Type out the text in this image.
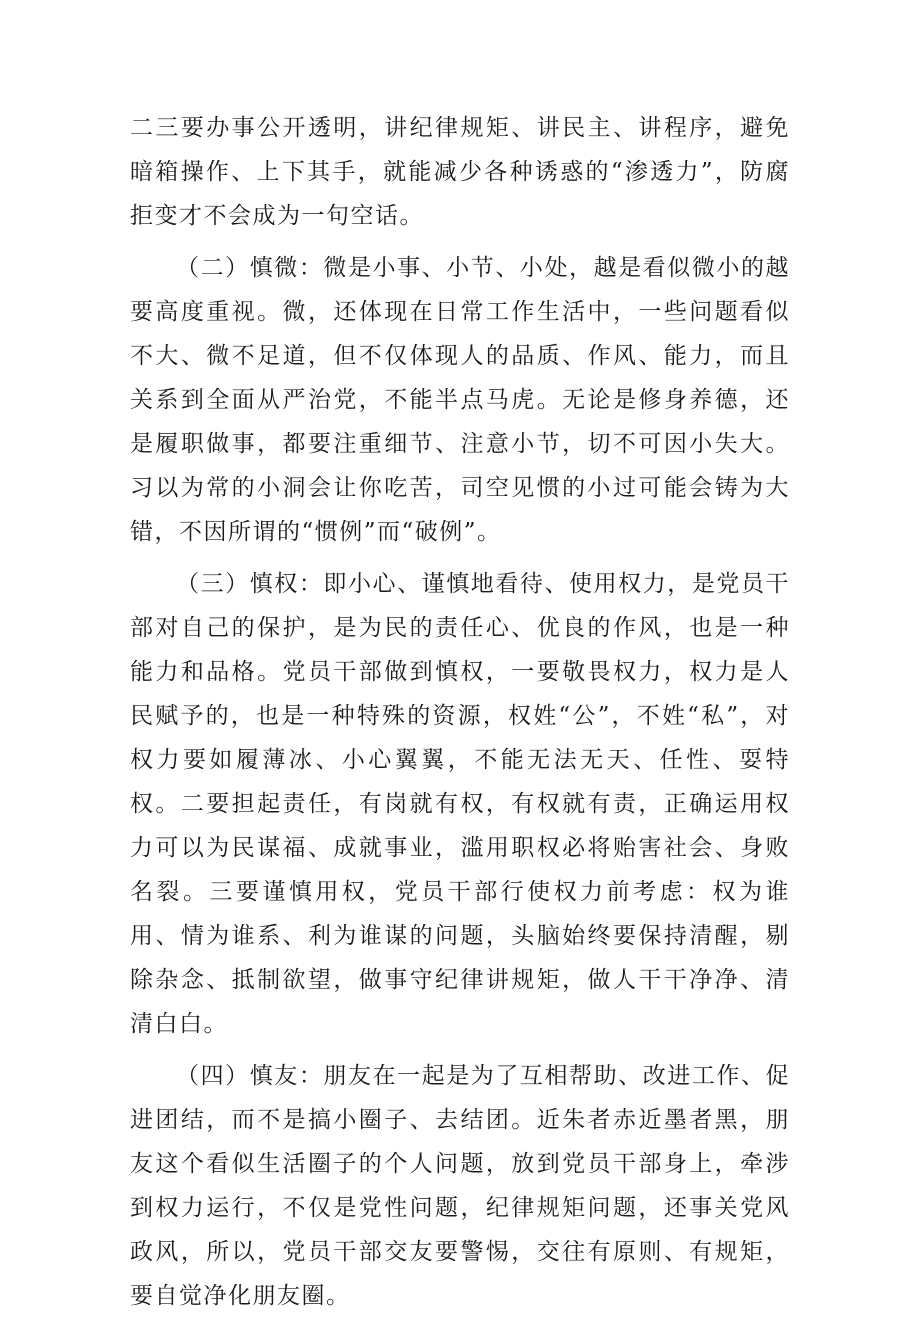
二三要办事公开透明，讲纪律规矩、讲民主、讲程序，避免暗箱操作、上下其手，就能减少各种诱惑的“渗透力”，防腐拒变才不会成为一句空话。

（二）慎微：微是小事、小节、小处，越是看似微小的越要高度重视。微，还体现在日常工作生活中，一些问题看似不大、微不足道，但不仅体现人的品质、作风、能力，而且关系到全面从严治党，不能半点马虎。无论是修身养德，还是履职做事，都要注重细节、注意小节，切不可因小失大。习以为常的小洞会让你吃苦，司空见惯的小过可能会铸为大错，不因所谓的“惯例”而“破例”。

（三）慎权：即小心、谨慎地看待、使用权力，是党员干部对自己的保护，是为民的责任心、优良的作风，也是一种能力和品格。党员干部做到慎权，一要敬畏权力，权力是人民赋予的，也是一种特殊的资源，权姓“公”，不姓“私”，对权力要如履薄冰、小心翼翼，不能无法无天、任性、耍特权。二要担起责任，有岗就有权，有权就有责，正确运用权力可以为民谋福、成就事业，滥用职权必将贻害社会、身败名裂。三要谨慎用权，党员干部行使权力前考虑：权为谁用、情为谁系、利为谁谋的问题，头脑始终要保持清醒，剔除杂念、抵制欲望，做事守纪律讲规矩，做人干干净净、清清白白。

（四）慎友：朋友在一起是为了互相帮助、改进工作、促进团结，而不是搞小圈子、去结团。近朱者赤近墨者黑，朋友这个看似生活圈子的个人问题，放到党员干部身上，牵涉到权力运行，不仅是党性问题，纪律规矩问题，还事关党风政风，所以，党员干部交友要警惕，交往有原则、有规矩，要自觉净化朋友圈。
